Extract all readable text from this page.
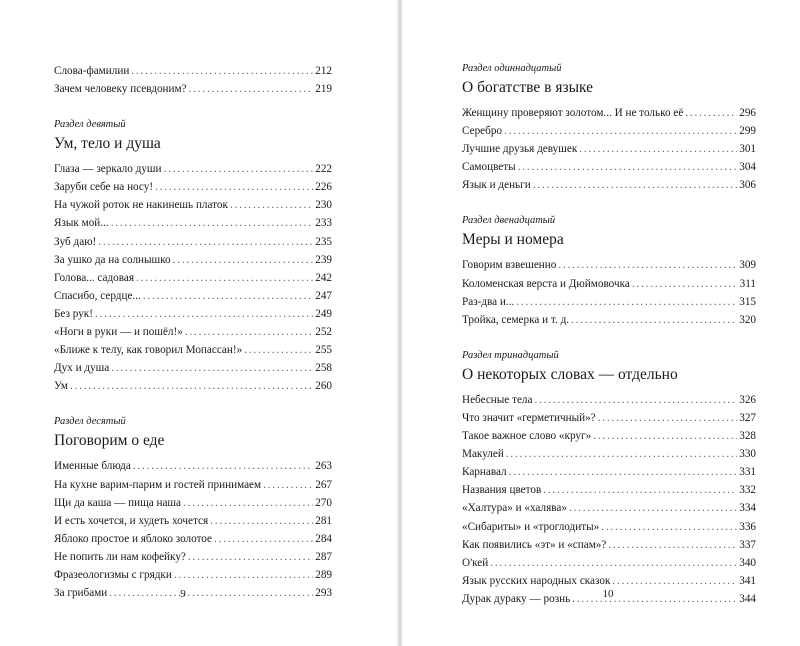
Слова-фамилии . . .	212
Зачем человеку псевдоним? . . .	219
Раздел девятый
Ум, тело и душа
Глаза — зеркало души . . .	222
Заруби себе на носу! . . .	226
На чужой роток не накинешь платок . . .	230
Язык мой... . . .	233
Зуб даю! . . .	235
За ушко да на солнышко . . .	239
Голова... садовая . . .	242
Спасибо, сердце... . . .	247
Без рук! . . .	249
«Ноги в руки — и пошёл!» . . .	252
«Ближе к телу, как говорил Мопассан!» . . .	255
Дух и душа . . .	258
Ум . . .	260
Раздел десятый
Поговорим о еде
Именные блюда . . .	263
На кухне варим-парим и гостей принимаем . . .	267
Щи да каша — пища наша . . .	270
И есть хочется, и худеть хочется . . .	281
Яблоко простое и яблоко золотое . . .	284
Не попить ли нам кофейку? . . .	287
Фразеологизмы с грядки . . .	289
За грибами . . .	293
9
Раздел одиннадцатый
О богатстве в языке
Женщину проверяют золотом... И не только её . . .	296
Серебро . . .	299
Лучшие друзья девушек . . .	301
Самоцветы . . .	304
Язык и деньги . . .	306
Раздел двенадцатый
Меры и номера
Говорим взвешенно . . .	309
Коломенская верста и Дюймовочка . . .	311
Раз-два и... . . .	315
Тройка, семерка и т. д. . . .	320
Раздел тринадцатый
О некоторых словах — отдельно
Небесные тела . . .	326
Что значит «герметичный»? . . .	327
Такое важное слово «круг» . . .	328
Макулей . . .	330
Карнавал . . .	331
Названия цветов . . .	332
«Халтура» и «халява» . . .	334
«Сибариты» и «троглодиты» . . .	336
Как появились «эт» и «спам»? . . .	337
О'кей . . .	340
Язык русских народных сказок . . .	341
Дурак дураку — рознь . . .	344
10
